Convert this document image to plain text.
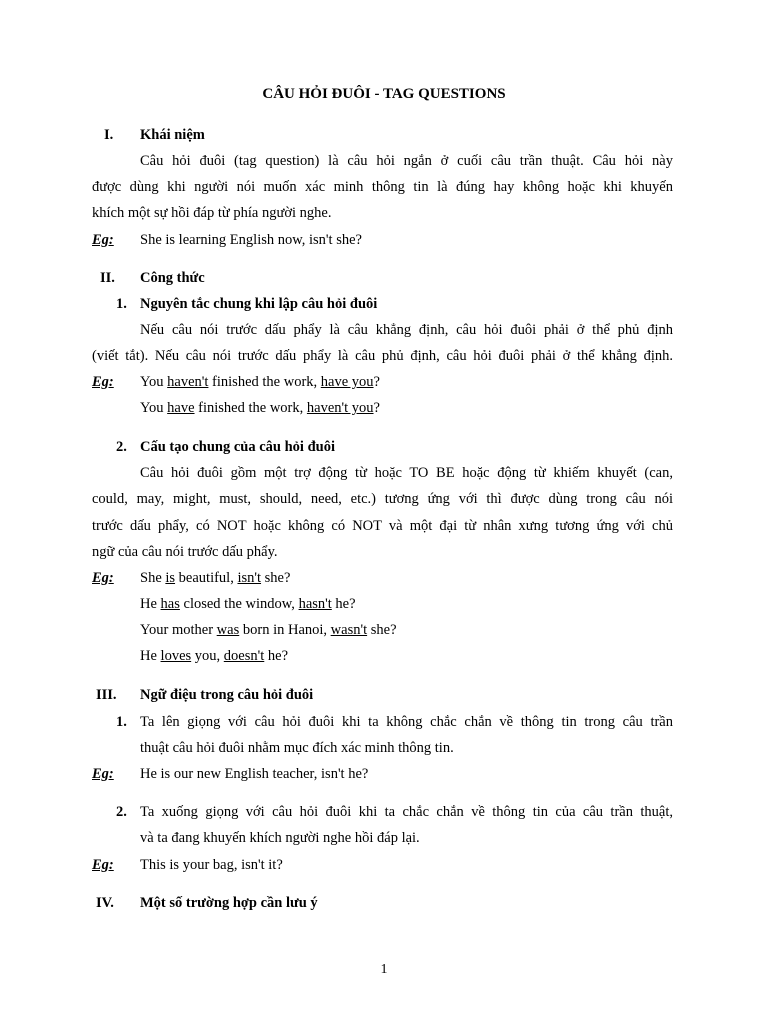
CÂU HỎI ĐUÔI - TAG QUESTIONS
I. Khái niệm
Câu hỏi đuôi (tag question) là câu hỏi ngắn ở cuối câu trần thuật. Câu hỏi này
được dùng khi người nói muốn xác minh thông tin là đúng hay không hoặc khi khuyến
khích một sự hồi đáp từ phía người nghe.
Eg: She is learning English now, isn't she?
II. Công thức
1. Nguyên tắc chung khi lập câu hỏi đuôi
Nếu câu nói trước dấu phẩy là câu khẳng định, câu hỏi đuôi phải ở thể phủ định
(viết tắt). Nếu câu nói trước dấu phẩy là câu phủ định, câu hỏi đuôi phải ở thể khẳng định.
Eg: You haven't finished the work, have you?
You have finished the work, haven't you?
2. Cấu tạo chung của câu hỏi đuôi
Câu hỏi đuôi gồm một trợ động từ hoặc TO BE hoặc động từ khiếm khuyết (can,
could, may, might, must, should, need, etc.) tương ứng với thì được dùng trong câu nói
trước dấu phẩy, có NOT hoặc không có NOT và một đại từ nhân xưng tương ứng với chủ
ngữ của câu nói trước dấu phẩy.
Eg: She is beautiful, isn't she?
He has closed the window, hasn't he?
Your mother was born in Hanoi, wasn't she?
He loves you, doesn't he?
III. Ngữ điệu trong câu hỏi đuôi
1. Ta lên giọng với câu hỏi đuôi khi ta không chắc chắn về thông tin trong câu trần
thuật câu hỏi đuôi nhằm mục đích xác minh thông tin.
Eg: He is our new English teacher, isn't he?
2. Ta xuống giọng với câu hỏi đuôi khi ta chắc chắn về thông tin của câu trần thuật,
và ta đang khuyến khích người nghe hồi đáp lại.
Eg: This is your bag, isn't it?
IV. Một số trường hợp cần lưu ý
1
